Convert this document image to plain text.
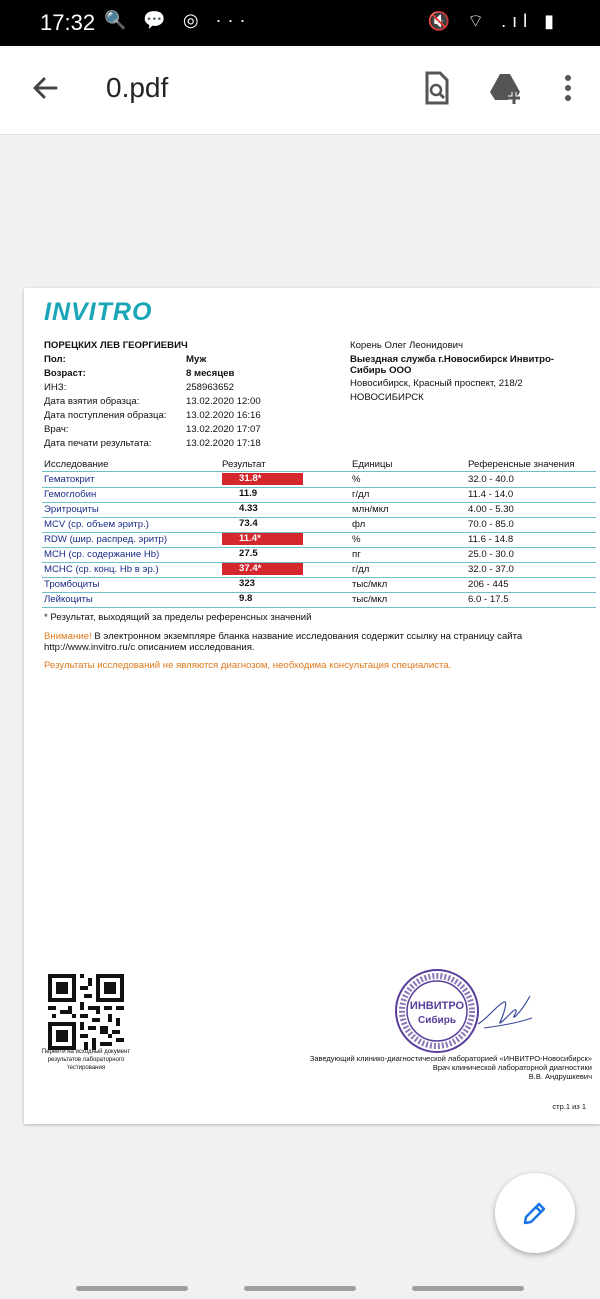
17:32 🔍 💬 ◎ ···	🔇 ⌔ .ıl ▮
0.pdf
INVITRO
ПОРЕЦКИХ ЛЕВ ГЕОРГИЕВИЧ
Пол:	Муж
Возраст:	8 месяцев
ИНЗ:	258963652
Дата взятия образца:	13.02.2020 12:00
Дата поступления образца: 13.02.2020 16:16
Врач:	13.02.2020 17:07
Дата печати результата:	13.02.2020 17:18
Корень Олег Леонидович
Выездная служба г.Новосибирск Инвитро-
Сибирь ООО
Новосибирск, Красный проспект, 218/2
НОВОСИБИРСК
Исследование	Результат	Единицы	Референсные значения
Гематокрит	31.8*	%	32.0 - 40.0
Гемоглобин	11.9	г/дл	11.4 - 14.0
Эритроциты	4.33	млн/мкл	4.00 - 5.30
MCV (ср. объем эритр.)	73.4	фл	70.0 - 85.0
RDW (шир. распред. эритр)	11.4*	%	11.6 - 14.8
MCH (ср. содержание Hb)	27.5	пг	25.0 - 30.0
MCHC (ср. конц. Hb в эр.)	37.4*	г/дл	32.0 - 37.0
Тромбоциты	323	тыс/мкл	206 - 445
Лейкоциты	9.8	тыс/мкл	6.0 - 17.5
* Результат, выходящий за пределы референсных значений
Внимание! В электронном экземпляре бланка название исследования содержит ссылку на страницу сайта
http://www.invitro.ru/с описанием исследования.
Результаты исследований не являются диагнозом, необходима консультация специалиста.
Перейти на исходный документ результатов лабораторного тестирования
ИНВИТРО
Сибирь
Заведующий клинико-диагностической лабораторией «ИНВИТРО-Новосибирск»
Врач клинической лабораторной диагностики
В.В. Андрушкевич
стр.1 из 1
